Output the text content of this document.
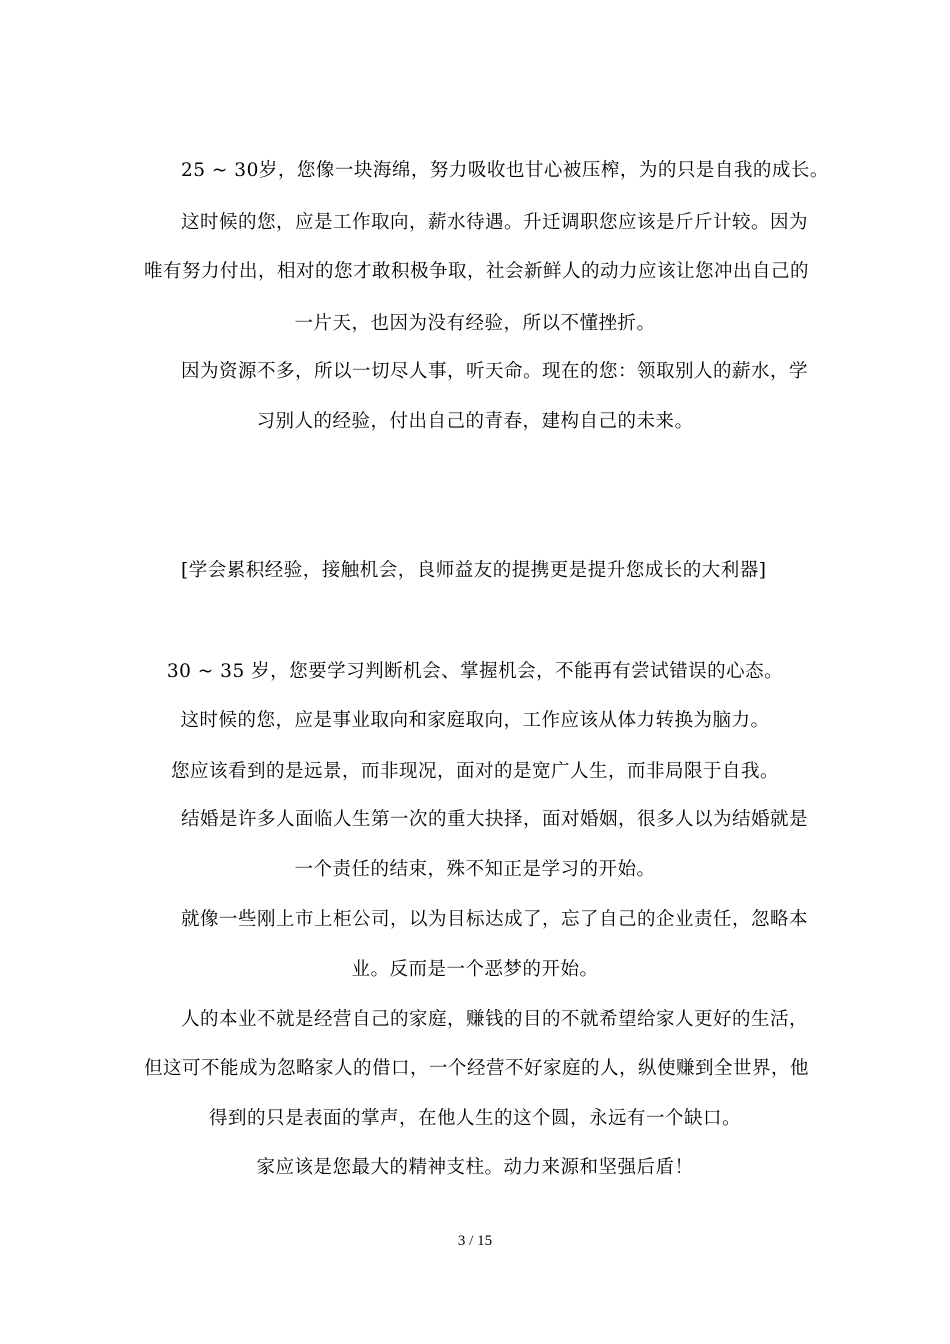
25 ~ 30岁，您像一块海绵，努力吸收也甘心被压榨，为的只是自我的成长。
这时候的您，应是工作取向，薪水待遇。升迁调职您应该是斤斤计较。因为
唯有努力付出，相对的您才敢积极争取，社会新鲜人的动力应该让您冲出自己的
一片天，也因为没有经验，所以不懂挫折。
因为资源不多，所以一切尽人事，听天命。现在的您：领取别人的薪水，学
习别人的经验，付出自己的青春，建构自己的未来。
[学会累积经验，接触机会，良师益友的提携更是提升您成长的大利器]
30 ~ 35 岁，您要学习判断机会、掌握机会，不能再有尝试错误的心态。
这时候的您，应是事业取向和家庭取向，工作应该从体力转换为脑力。
您应该看到的是远景，而非现况，面对的是宽广人生，而非局限于自我。
结婚是许多人面临人生第一次的重大抉择，面对婚姻，很多人以为结婚就是
一个责任的结束，殊不知正是学习的开始。
就像一些刚上市上柜公司，以为目标达成了，忘了自己的企业责任，忽略本
业。反而是一个恶梦的开始。
人的本业不就是经营自己的家庭，赚钱的目的不就希望给家人更好的生活，
但这可不能成为忽略家人的借口，一个经营不好家庭的人，纵使赚到全世界，他
得到的只是表面的掌声，在他人生的这个圆，永远有一个缺口。
家应该是您最大的精神支柱。动力来源和坚强后盾！
3 / 15
